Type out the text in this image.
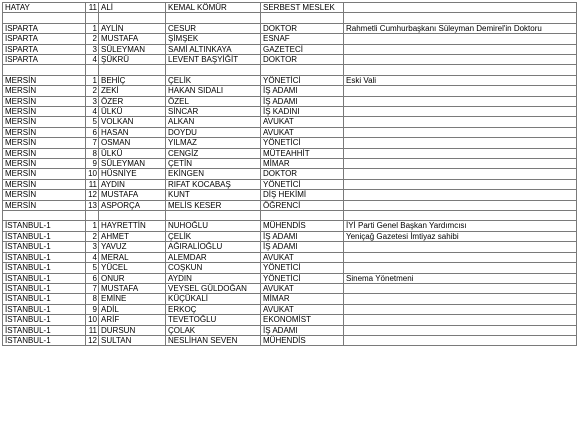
HATAY	11	ALİ	KEMAL KÖMÜR	SERBEST MESLEK	

ISPARTA	1	AYLİN	CESUR	DOKTOR	Rahmetli Cumhurbaşkanı Süleyman Demirel'in Doktoru
ISPARTA	2	MUSTAFA	ŞİMŞEK	ESNAF	
ISPARTA	3	SÜLEYMAN	SAMİ ALTINKAYA	GAZETECİ	
ISPARTA	4	ŞÜKRÜ	LEVENT BAŞYİĞİT	DOKTOR	

MERSİN	1	BEHİÇ	ÇELİK	YÖNETİCİ	Eski Vali
MERSİN	2	ZEKİ	HAKAN SIDALI	İŞ ADAMI	
MERSİN	3	ÖZER	ÖZEL	İŞ ADAMI	
MERSİN	4	ÜLKÜ	SİNCAR	İŞ KADINI	
MERSİN	5	VOLKAN	ALKAN	AVUKAT	
MERSİN	6	HASAN	DOYDU	AVUKAT	
MERSİN	7	OSMAN	YILMAZ	YÖNETİCİ	
MERSİN	8	ÜLKÜ	CENGİZ	MÜTEAHHİT	
MERSİN	9	SÜLEYMAN	ÇETİN	MİMAR	
MERSİN	10	HÜSNİYE	EKİNGEN	DOKTOR	
MERSİN	11	AYDIN	RIFAT KOCABAŞ	YÖNETİCİ	
MERSİN	12	MUSTAFA	KUNT	DİŞ HEKİMİ	
MERSİN	13	ASPORÇA	MELİS KESER	ÖĞRENCİ	

İSTANBUL-1	1	HAYRETTİN	NUHOĞLU	MÜHENDİS	İYİ Parti Genel Başkan Yardımcısı
İSTANBUL-1	2	AHMET	ÇELİK	İŞ ADAMI	Yeniçağ Gazetesi İmtiyaz sahibi
İSTANBUL-1	3	YAVUZ	AĞIRALİOĞLU	İŞ ADAMI	
İSTANBUL-1	4	MERAL	ALEMDAR	AVUKAT	
İSTANBUL-1	5	YÜCEL	COŞKUN	YÖNETİCİ	
İSTANBUL-1	6	ONUR	AYDIN	YÖNETİCİ	Sinema Yönetmeni
İSTANBUL-1	7	MUSTAFA	VEYSEL GÜLDOĞAN	AVUKAT	
İSTANBUL-1	8	EMİNE	KÜÇÜKALİ	MİMAR	
İSTANBUL-1	9	ADİL	ERKOÇ	AVUKAT	
İSTANBUL-1	10	ARİF	TEVETOĞLU	EKONOMİST	
İSTANBUL-1	11	DURSUN	ÇOLAK	İŞ ADAMI	
İSTANBUL-1	12	SULTAN	NESLİHAN SEVEN	MÜHENDİS	
